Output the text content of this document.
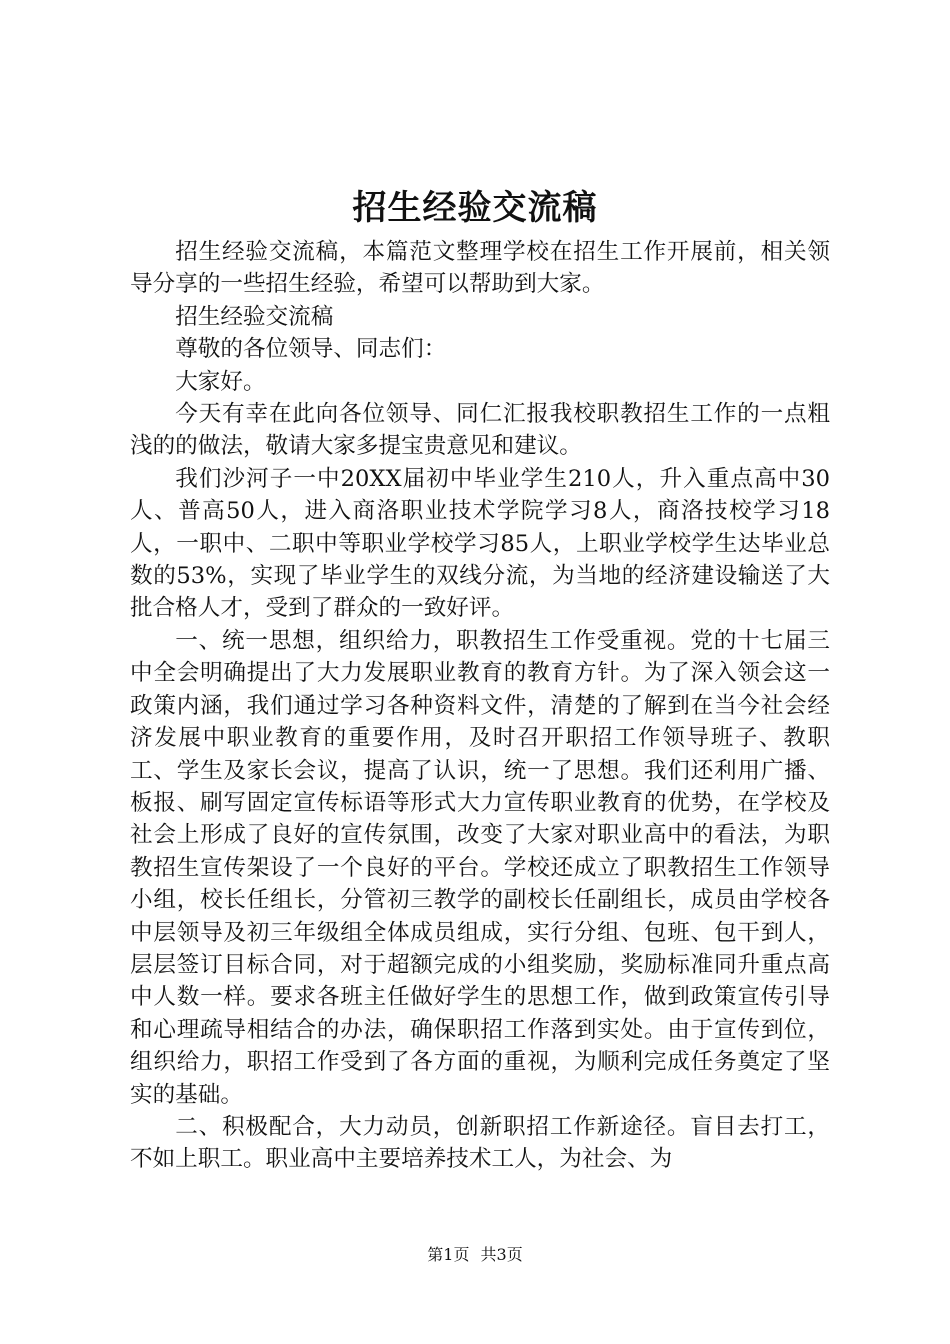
招生经验交流稿

招生经验交流稿，本篇范文整理学校在招生工作开展前，相关领导分享的一些招生经验，希望可以帮助到大家。

招生经验交流稿

尊敬的各位领导、同志们：

大家好。

今天有幸在此向各位领导、同仁汇报我校职教招生工作的一点粗浅的的做法，敬请大家多提宝贵意见和建议。

我们沙河子一中20XX届初中毕业学生210人，升入重点高中30人、普高50人，进入商洛职业技术学院学习8人，商洛技校学习18人，一职中、二职中等职业学校学习85人，上职业学校学生达毕业总数的53%，实现了毕业学生的双线分流，为当地的经济建设输送了大批合格人才，受到了群众的一致好评。

一、统一思想，组织给力，职教招生工作受重视。党的十七届三中全会明确提出了大力发展职业教育的教育方针。为了深入领会这一政策内涵，我们通过学习各种资料文件，清楚的了解到在当今社会经济发展中职业教育的重要作用，及时召开职招工作领导班子、教职工、学生及家长会议，提高了认识，统一了思想。我们还利用广播、板报、刷写固定宣传标语等形式大力宣传职业教育的优势，在学校及社会上形成了良好的宣传氛围，改变了大家对职业高中的看法，为职教招生宣传架设了一个良好的平台。学校还成立了职教招生工作领导小组，校长任组长，分管初三教学的副校长任副组长，成员由学校各中层领导及初三年级组全体成员组成，实行分组、包班、包干到人，层层签订目标合同，对于超额完成的小组奖励，奖励标准同升重点高中人数一样。要求各班主任做好学生的思想工作，做到政策宣传引导和心理疏导相结合的办法，确保职招工作落到实处。由于宣传到位，组织给力，职招工作受到了各方面的重视，为顺利完成任务奠定了坚实的基础。

二、积极配合，大力动员，创新职招工作新途径。盲目去打工，不如上职工。职业高中主要培养技术工人，为社会、为

第1页 共3页
